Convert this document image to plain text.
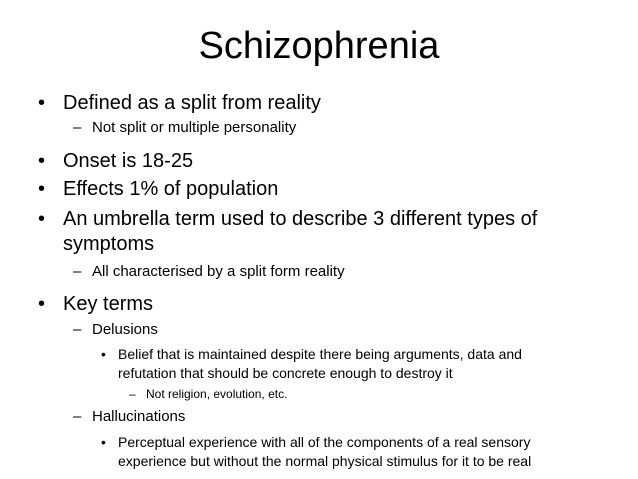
Schizophrenia
• Defined as a split from reality
– Not split or multiple personality
• Onset is 18-25
• Effects 1% of population
• An umbrella term used to describe 3 different types of
symptoms
– All characterised by a split form reality
• Key terms
– Delusions
• Belief that is maintained despite there being arguments, data and
refutation that should be concrete enough to destroy it
– Not religion, evolution, etc.
– Hallucinations
• Perceptual experience with all of the components of a real sensory
experience but without the normal physical stimulus for it to be real
